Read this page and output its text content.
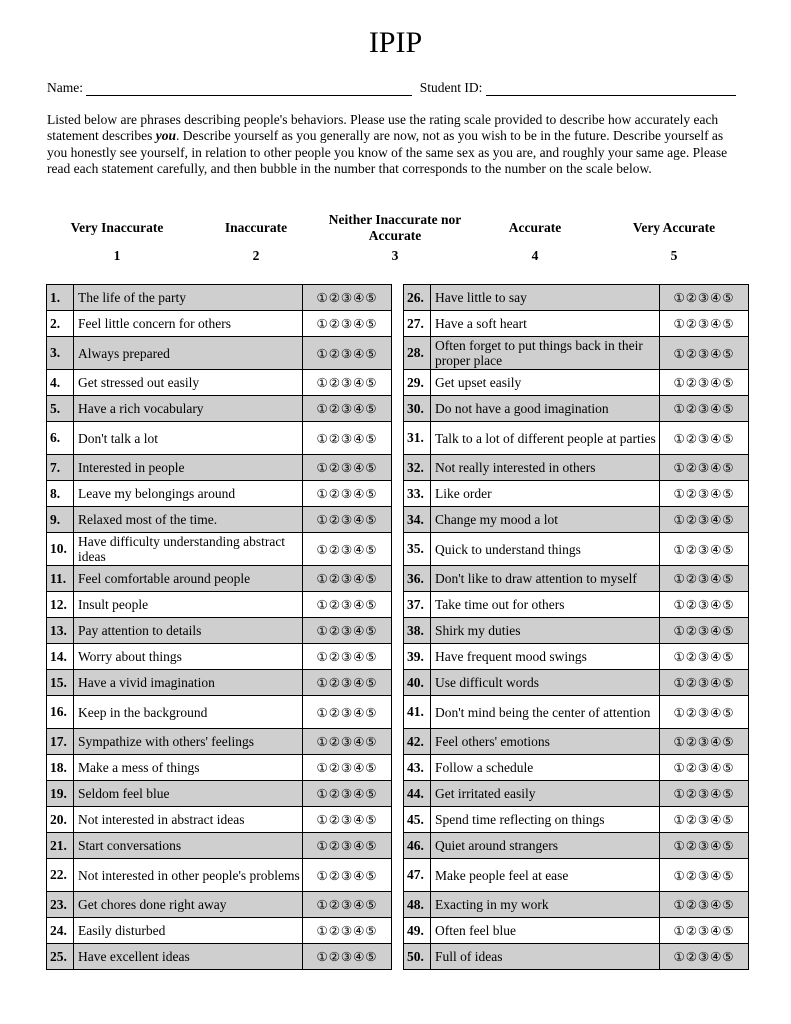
IPIP
Name:	Student ID:
Listed below are phrases describing people's behaviors. Please use the rating scale provided to describe how accurately each statement describes you. Describe yourself as you generally are now, not as you wish to be in the future. Describe yourself as you honestly see yourself, in relation to other people you know of the same sex as you are, and roughly your same age. Please read each statement carefully, and then bubble in the number that corresponds to the number on the scale below.
Very Inaccurate	Inaccurate
Neither Inaccurate nor Accurate
Accurate	Very Accurate
1	2	3	4	5
1.	The life of the party	①②③④⑤
2.	Feel little concern for others	①②③④⑤
3.	Always prepared	①②③④⑤
4.	Get stressed out easily	①②③④⑤
5.	Have a rich vocabulary	①②③④⑤
6.	Don't talk a lot	①②③④⑤
7.	Interested in people	①②③④⑤
8.	Leave my belongings around	①②③④⑤
9.	Relaxed most of the time.	①②③④⑤
10.	Have difficulty understanding abstract ideas	①②③④⑤
11.	Feel comfortable around people	①②③④⑤
12.	Insult people	①②③④⑤
13.	Pay attention to details	①②③④⑤
14.	Worry about things	①②③④⑤
15.	Have a vivid imagination	①②③④⑤
16.	Keep in the background	①②③④⑤
17.	Sympathize with others' feelings	①②③④⑤
18.	Make a mess of things	①②③④⑤
19.	Seldom feel blue	①②③④⑤
20.	Not interested in abstract ideas	①②③④⑤
21.	Start conversations	①②③④⑤
22.	Not interested in other people's problems	①②③④⑤
23.	Get chores done right away	①②③④⑤
24.	Easily disturbed	①②③④⑤
25.	Have excellent ideas	①②③④⑤
26.	Have little to say	①②③④⑤
27.	Have a soft heart	①②③④⑤
28.	Often forget to put things back in their proper place	①②③④⑤
29.	Get upset easily	①②③④⑤
30.	Do not have a good imagination	①②③④⑤
31.	Talk to a lot of different people at parties	①②③④⑤
32.	Not really interested in others	①②③④⑤
33.	Like order	①②③④⑤
34.	Change my mood a lot	①②③④⑤
35.	Quick to understand things	①②③④⑤
36.	Don't like to draw attention to myself	①②③④⑤
37.	Take time out for others	①②③④⑤
38.	Shirk my duties	①②③④⑤
39.	Have frequent mood swings	①②③④⑤
40.	Use difficult words	①②③④⑤
41.	Don't mind being the center of attention	①②③④⑤
42.	Feel others' emotions	①②③④⑤
43.	Follow a schedule	①②③④⑤
44.	Get irritated easily	①②③④⑤
45.	Spend time reflecting on things	①②③④⑤
46.	Quiet around strangers	①②③④⑤
47.	Make people feel at ease	①②③④⑤
48.	Exacting in my work	①②③④⑤
49.	Often feel blue	①②③④⑤
50.	Full of ideas	①②③④⑤
